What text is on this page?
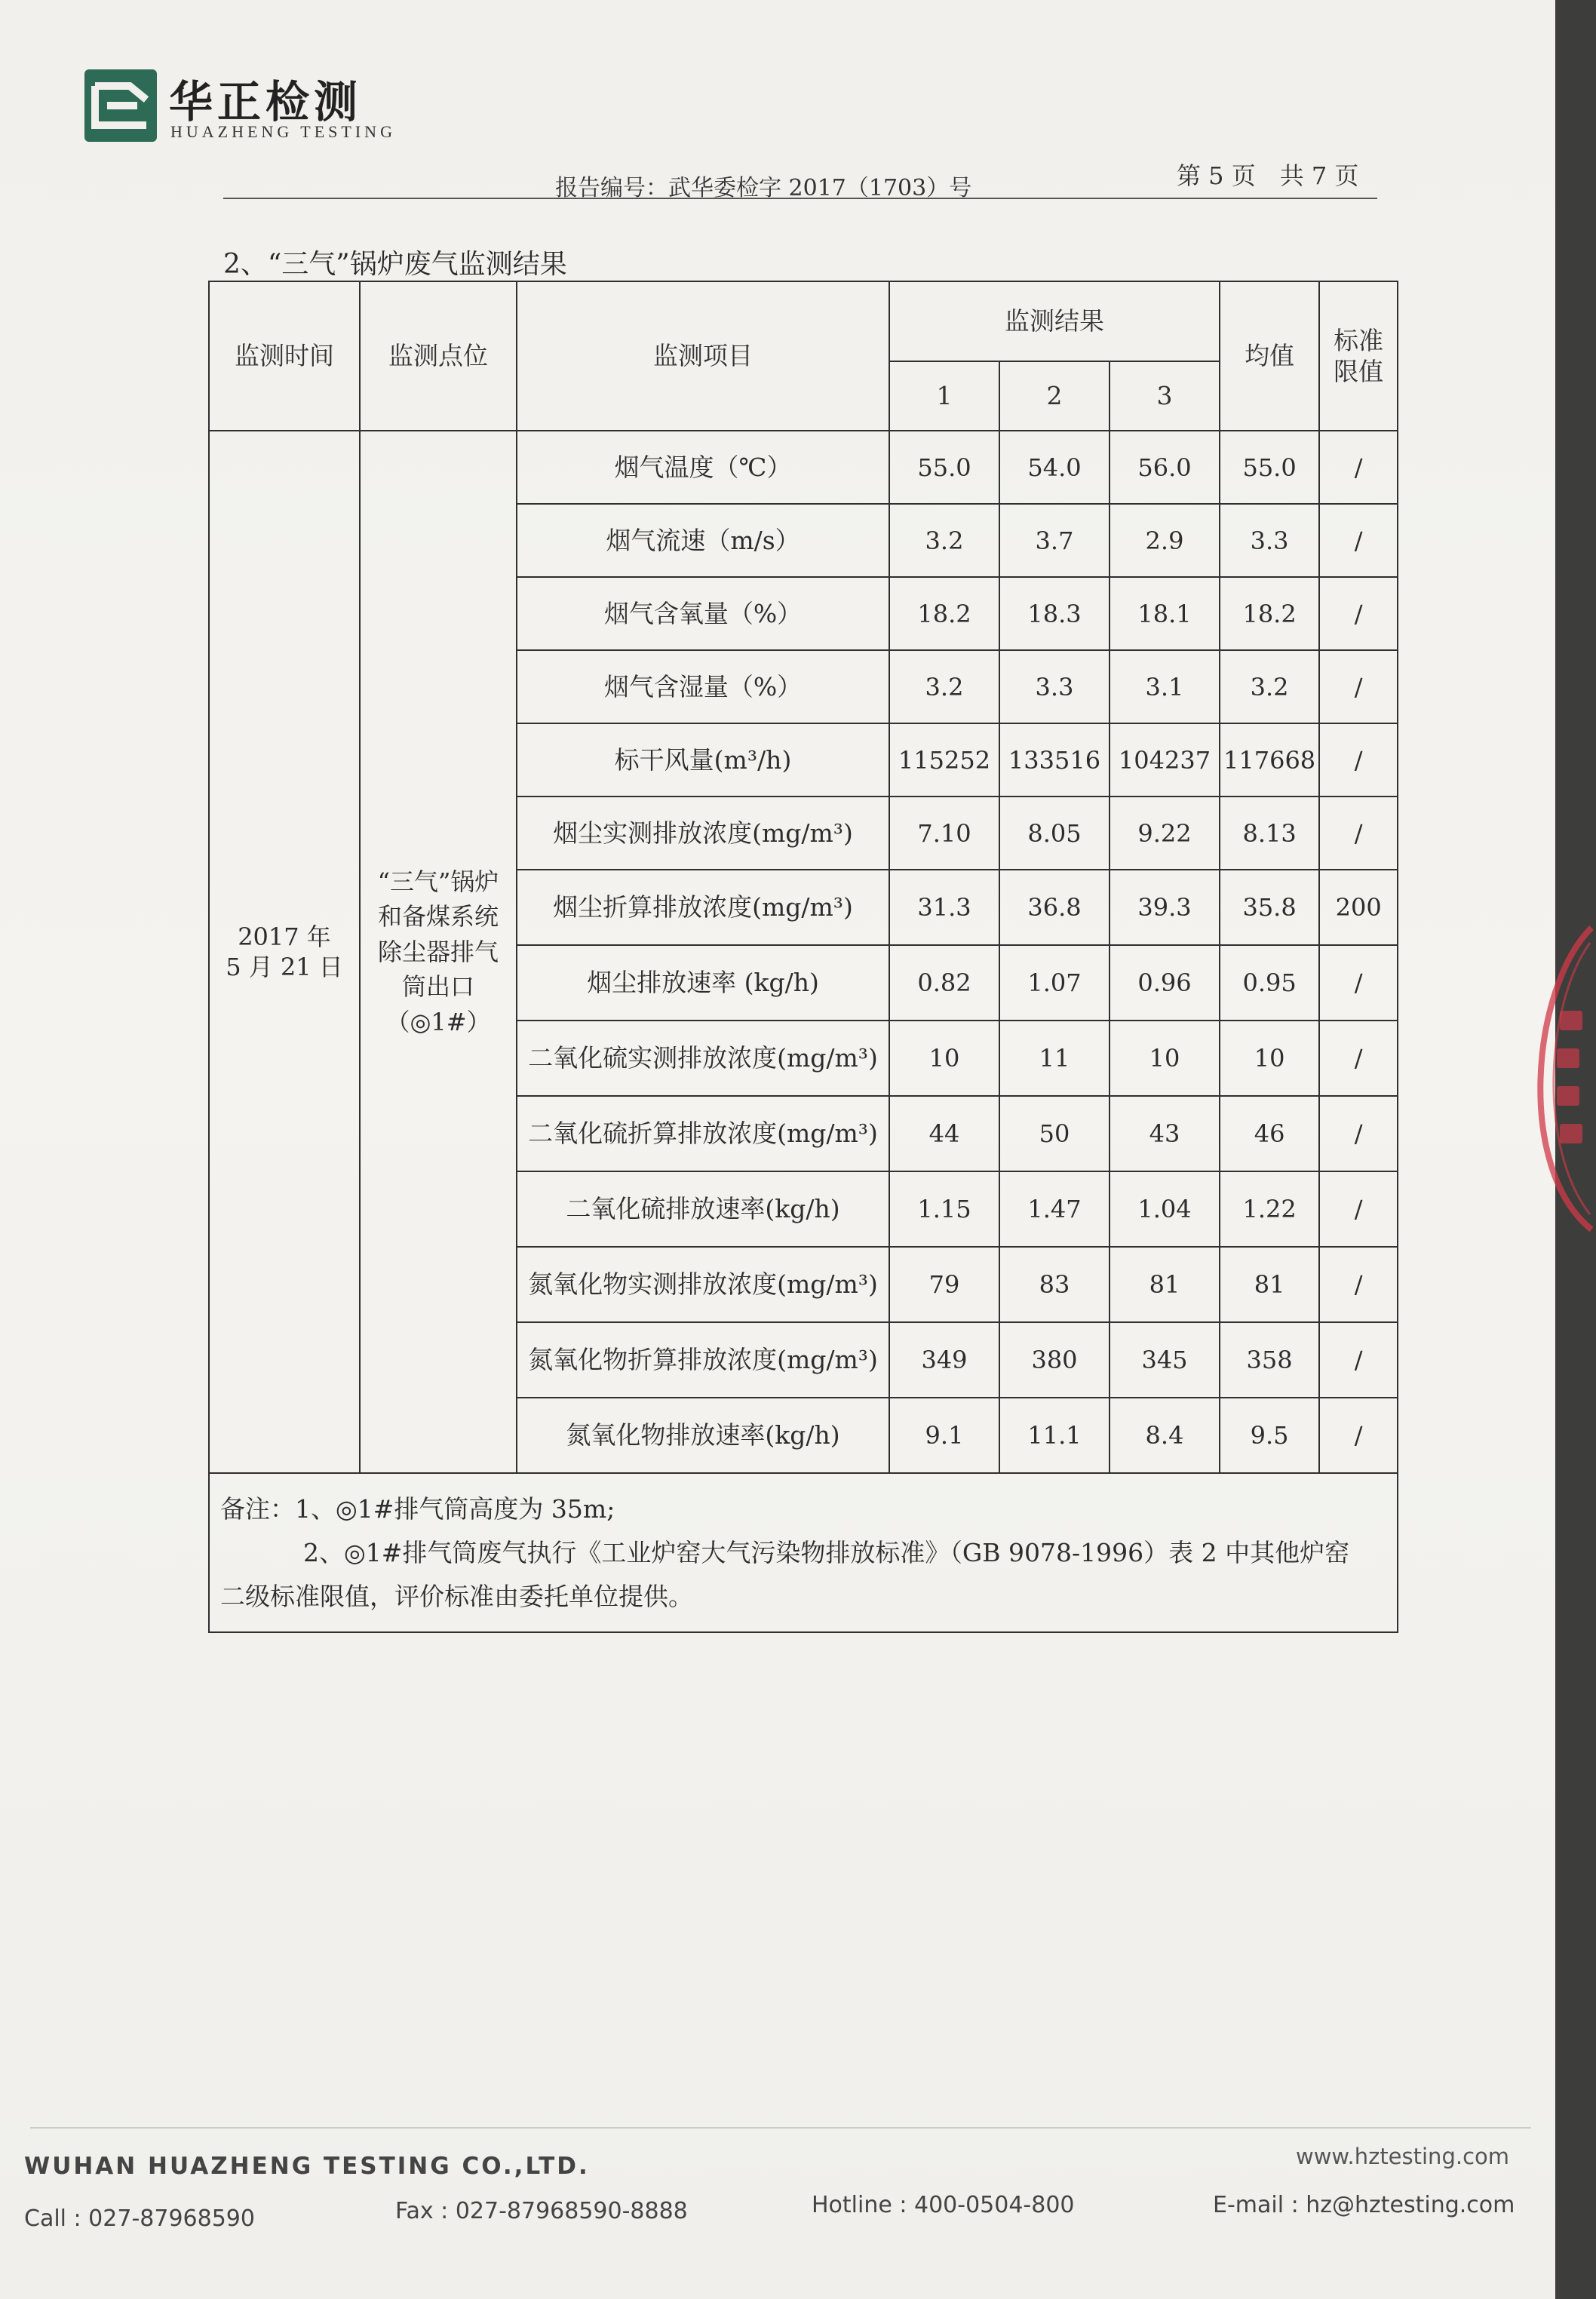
华正检测
HUAZHENG TESTING
报告编号：武华委检字 2017（1703）号	第 5 页　共 7 页
2、“三气”锅炉废气监测结果
监测时间	监测点位	监测项目	监测结果			均值	标准
限值

			1	2	3		

2017 年
5 月 21 日	“三气”锅炉和备煤系统除尘器排气筒出口（◎1#）	烟气温度（℃）	55.0	54.0	56.0	55.0	/
		烟气流速（m/s）	3.2	3.7	2.9	3.3	/
		烟气含氧量（%）	18.2	18.3	18.1	18.2	/
		烟气含湿量（%）	3.2	3.3	3.1	3.2	/
		标干风量(m³/h)	115252	133516	104237	117668	/
		烟尘实测排放浓度(mg/m³)	7.10	8.05	9.22	8.13	/
		烟尘折算排放浓度(mg/m³)	31.3	36.8	39.3	35.8	200
		烟尘排放速率 (kg/h)	0.82	1.07	0.96	0.95	/
		二氧化硫实测排放浓度(mg/m³)	10	11	10	10	/
		二氧化硫折算排放浓度(mg/m³)	44	50	43	46	/
		二氧化硫排放速率(kg/h)	1.15	1.47	1.04	1.22	/
		氮氧化物实测排放浓度(mg/m³)	79	83	81	81	/
		氮氧化物折算排放浓度(mg/m³)	349	380	345	358	/
		氮氧化物排放速率(kg/h)	9.1	11.1	8.4	9.5	/

备注：1、◎1#排气筒高度为 35m;
2、◎1#排气筒废气执行《工业炉窑大气污染物排放标准》（GB 9078-1996）表 2 中其他炉窑
二级标准限值，评价标准由委托单位提供。							
WUHAN HUAZHENG TESTING CO.,LTD.	www.hztesting.com
Call : 027-87968590	Fax : 027-87968590-8888	Hotline : 400-0504-800	E-mail : hz@hztesting.com
